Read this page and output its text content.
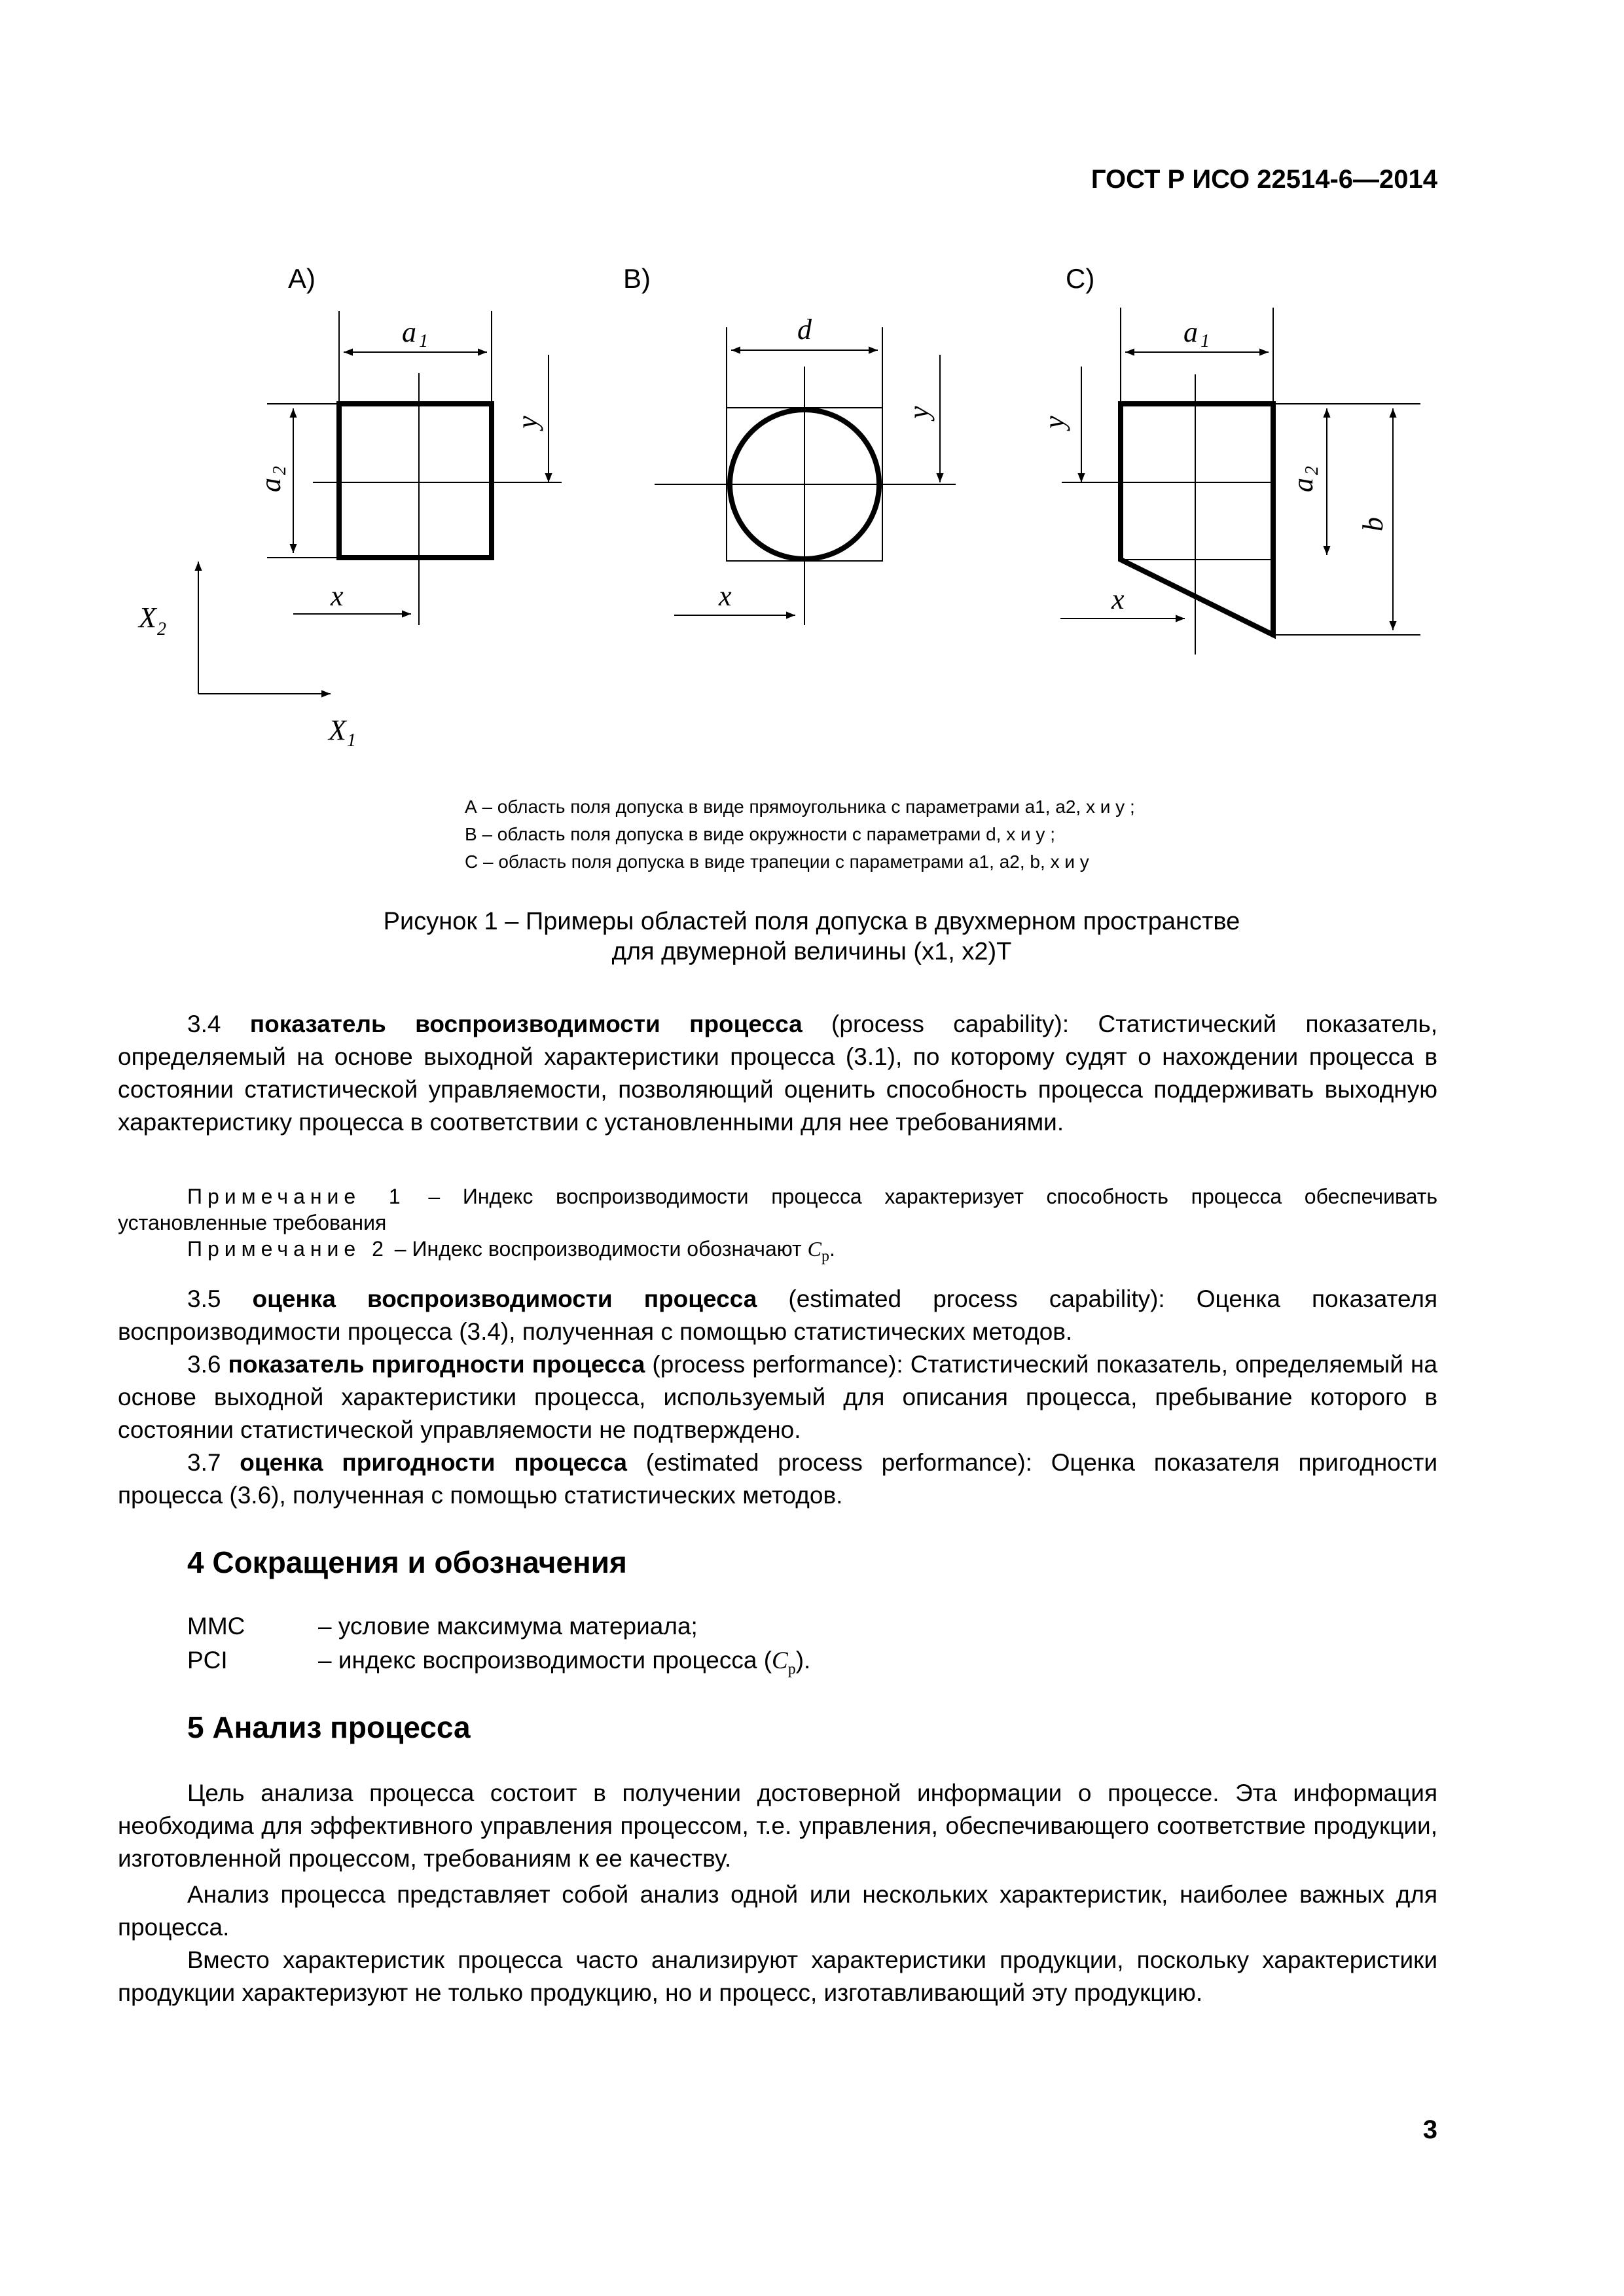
ГОСТ Р ИСО 22514-6—2014
А)	B)	C)
a 1
a
2
y
x
d
y
x
a 1
y
a
2
b
x
X 2
X 1
А – область поля допуска в виде прямоугольника с параметрами a1, a2, x и y ;
В – область поля допуска в виде окружности с параметрами d, x и y ;
С – область поля допуска в виде трапеции с параметрами a1, a2, b, x и y
Рисунок 1 – Примеры областей поля допуска в двухмерном пространстве
для двумерной величины (x1, x2)T
3.4 показатель воспроизводимости процесса (process capability): Статистический показатель, определяемый на основе выходной характеристики процесса (3.1), по которому судят о нахождении процесса в состоянии статистической управляемости, позволяющий оценить способность процесса поддерживать выходную характеристику процесса в соответствии с установленными для нее требованиями.
Примечание 1 – Индекс воспроизводимости процесса характеризует способность процесса обеспечивать установленные требования
Примечание 2 – Индекс воспроизводимости обозначают $C_p$.
3.5 оценка воспроизводимости процесса (estimated process capability): Оценка показателя воспроизводимости процесса (3.4), полученная с помощью статистических методов.
3.6 показатель пригодности процесса (process performance): Статистический показатель, определяемый на основе выходной характеристики процесса, используемый для описания процесса, пребывание которого в состоянии статистической управляемости не подтверждено.
3.7 оценка пригодности процесса (estimated process performance): Оценка показателя пригодности процесса (3.6), полученная с помощью статистических методов.
4 Сокращения и обозначения
MMC	– условие максимума материала;
PCI	– индекс воспроизводимости процесса $(C_p)$.
5 Анализ процесса
Цель анализа процесса состоит в получении достоверной информации о процессе. Эта информация необходима для эффективного управления процессом, т.е. управления, обеспечивающего соответствие продукции, изготовленной процессом, требованиям к ее качеству.
Анализ процесса представляет собой анализ одной или нескольких характеристик, наиболее важных для процесса.
Вместо характеристик процесса часто анализируют характеристики продукции, поскольку характеристики продукции характеризуют не только продукцию, но и процесс, изготавливающий эту продукцию.
3
